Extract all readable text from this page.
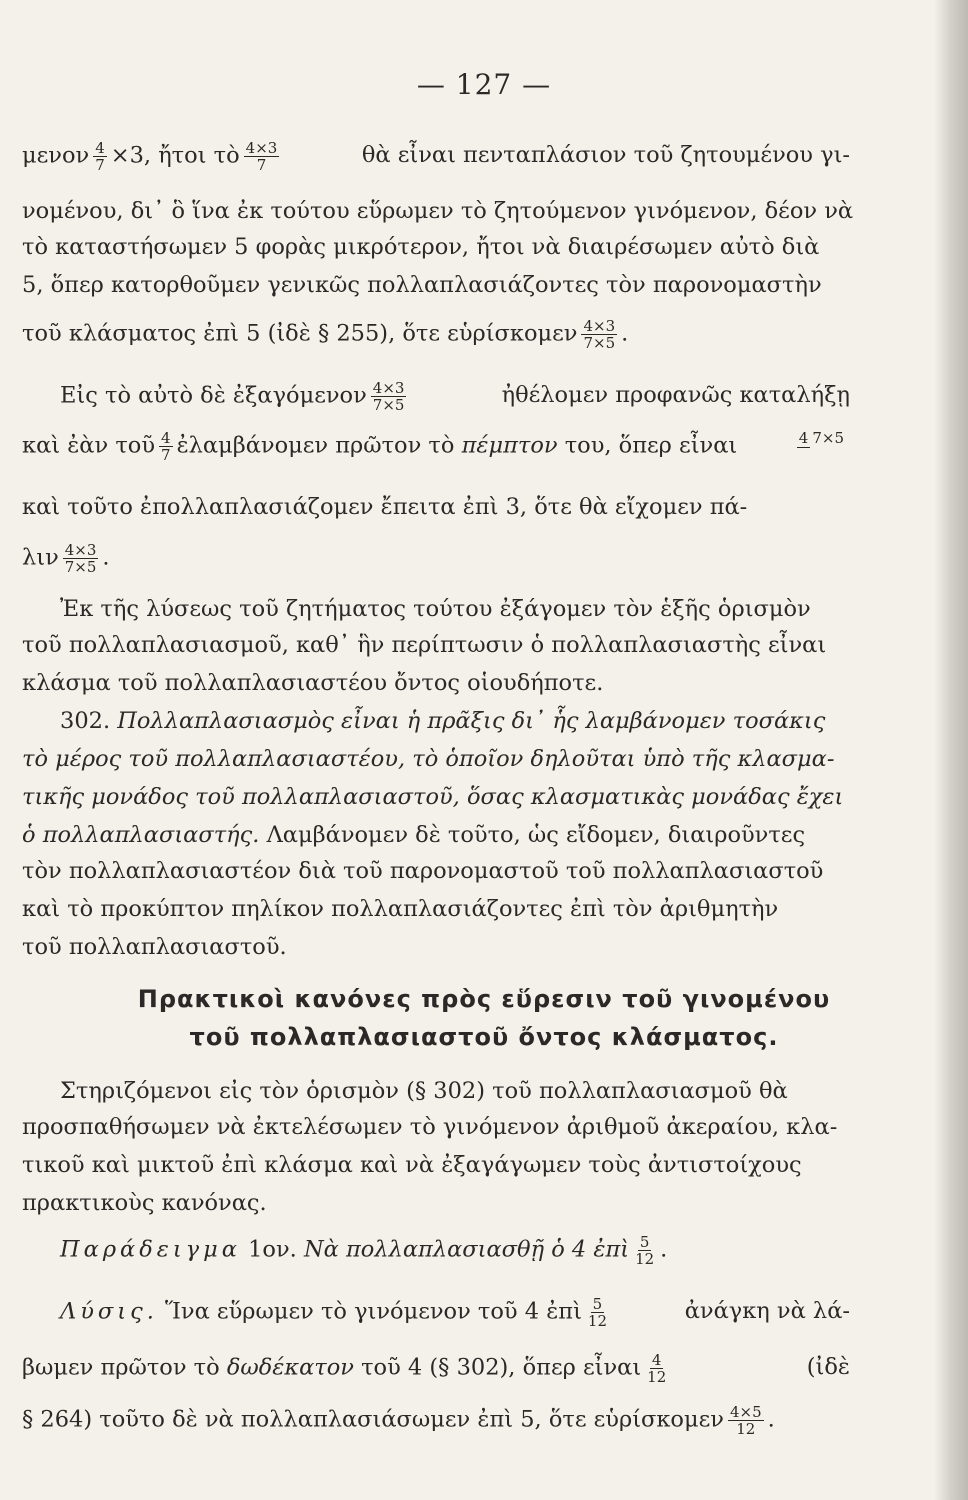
— 127 —
μενον $\frac{4}{7} \times 3$, ἤτοι τὸ $\frac{4\times 3}{7}$	θὰ εἶναι πενταπλάσιον τοῦ ζητουμένου γι-
νομένου, δι᾽ ὃ ἵνα ἐκ τούτου εὕρωμεν τὸ ζητούμενον γινόμενον, δέον νὰ
τὸ καταστήσωμεν 5 φορὰς μικρότερον, ἤτοι νὰ διαιρέσωμεν αὐτὸ διὰ
5, ὅπερ κατορθοῦμεν γενικῶς πολλαπλασιάζοντες τὸν παρονομαστὴν
τοῦ κλάσματος ἐπὶ 5 (ἰδὲ § 255), ὅτε εὑρίσκομεν $\frac{4\times 3}{7\times 5}$ .
Εἰς τὸ αὐτὸ δὲ ἐξαγόμενον $\frac{4\times 3}{7\times 5}$	ἠθέλομεν προφανῶς καταλήξῃ
καὶ ἐὰν τοῦ $\frac{4}{7}$ ἐλαμβάνομεν πρῶτον τὸ πέμπτον του, ὅπερ εἶναι	4 7×5
καὶ τοῦτο ἐπολλαπλασιάζομεν ἔπειτα ἐπὶ 3, ὅτε θὰ εἴχομεν πά-
λιν $\frac{4\times 3}{7\times 5}$ .
Ἐκ τῆς λύσεως τοῦ ζητήματος τούτου ἐξάγομεν τὸν ἑξῆς ὁρισμὸν
τοῦ πολλαπλασιασμοῦ, καθ᾽ ἣν περίπτωσιν ὁ πολλαπλασιαστὴς εἶναι
κλάσμα τοῦ πολλαπλασιαστέου ὄντος οἱουδήποτε.
302. Πολλαπλασιασμὸς εἶναι ἡ πρᾶξις δι᾽ ἧς λαμβάνομεν τοσάκις
τὸ μέρος τοῦ πολλαπλασιαστέου, τὸ ὁποῖον δηλοῦται ὑπὸ τῆς κλασμα-
τικῆς μονάδος τοῦ πολλαπλασιαστοῦ, ὅσας κλασματικὰς μονάδας ἔχει
ὁ πολλαπλασιαστής. Λαμβάνομεν δὲ τοῦτο, ὡς εἴδομεν, διαιροῦντες
τὸν πολλαπλασιαστέον διὰ τοῦ παρονομαστοῦ τοῦ πολλαπλασιαστοῦ
καὶ τὸ προκύπτον πηλίκον πολλαπλασιάζοντες ἐπὶ τὸν ἀριθμητὴν
τοῦ πολλαπλασιαστοῦ.
Πρακτικοὶ κανόνες πρὸς εὕρεσιν τοῦ γινομένου
τοῦ πολλαπλασιαστοῦ ὄντος κλάσματος.
Στηριζόμενοι εἰς τὸν ὁρισμὸν (§ 302) τοῦ πολλαπλασιασμοῦ θὰ
προσπαθήσωμεν νὰ ἐκτελέσωμεν τὸ γινόμενον ἀριθμοῦ ἀκεραίου, κλα-
τικοῦ καὶ μικτοῦ ἐπὶ κλάσμα καὶ νὰ ἐξαγάγωμεν τοὺς ἀντιστοίχους
πρακτικοὺς κανόνας.
Παράδειγμα 1ον. Νὰ πολλαπλασιασθῇ ὁ 4 ἐπὶ $\frac{5}{12}$ .
Λύσις. Ἵνα εὕρωμεν τὸ γινόμενον τοῦ 4 ἐπὶ $\frac{5}{12}$	ἀνάγκη νὰ λά-
βωμεν πρῶτον τὸ δωδέκατον τοῦ 4 (§ 302), ὅπερ εἶναι $\frac{4}{12}$	(ἰδὲ
§ 264) τοῦτο δὲ νὰ πολλαπλασιάσωμεν ἐπὶ 5, ὅτε εὑρίσκομεν $\frac{4\times 5}{12}$ .
